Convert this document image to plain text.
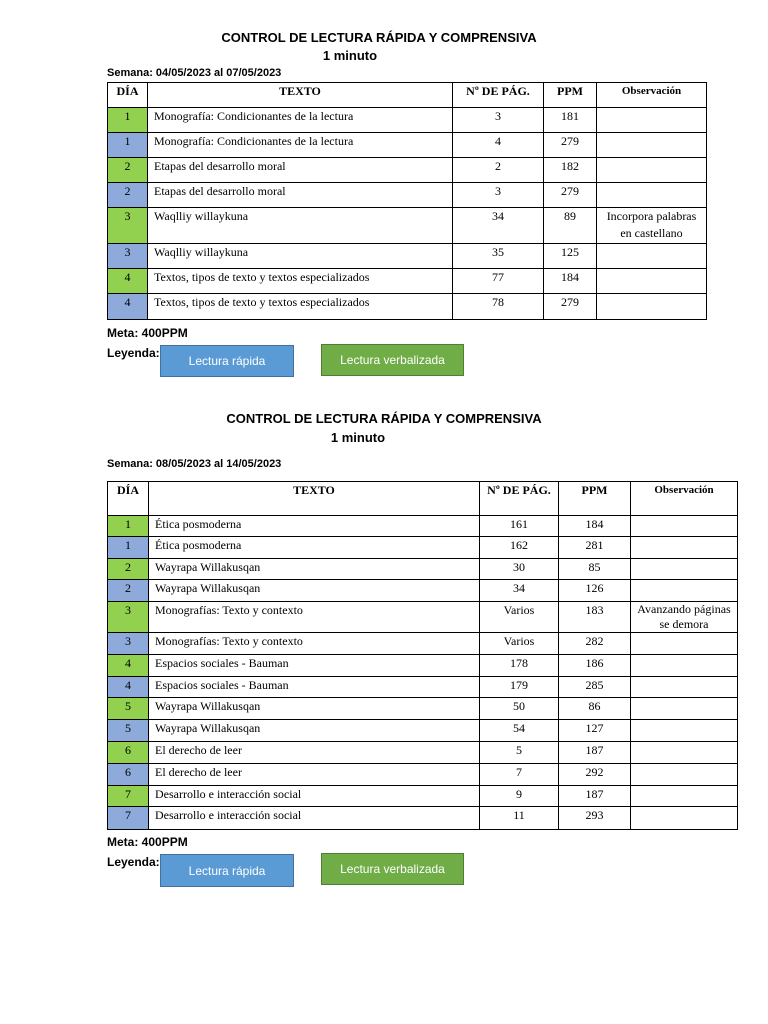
CONTROL DE LECTURA RÁPIDA Y COMPRENSIVA
1 minuto
Semana: 04/05/2023 al 07/05/2023
DÍA	TEXTO	Nº DE PÁG.	PPM	Observación
1	Monografía: Condicionantes de la lectura	3	181	
1	Monografía: Condicionantes de la lectura	4	279	
2	Etapas del desarrollo moral	2	182	
2	Etapas del desarrollo moral	3	279	
3	Waqlliy willaykuna	34	89	Incorpora palabras en castellano
3	Waqlliy willaykuna	35	125	
4	Textos, tipos de texto y textos especializados	77	184	
4	Textos, tipos de texto y textos especializados	78	279	
Meta: 400PPM
Leyenda:
Lectura rápida	Lectura verbalizada
CONTROL DE LECTURA RÁPIDA Y COMPRENSIVA
1 minuto
Semana: 08/05/2023 al 14/05/2023
DÍA	TEXTO	Nº DE PÁG.	PPM	Observación
1	Ética posmoderna	161	184	
1	Ética posmoderna	162	281	
2	Wayrapa Willakusqan	30	85	
2	Wayrapa Willakusqan	34	126	
3	Monografías: Texto y contexto	Varios	183	Avanzando páginas se demora
3	Monografías: Texto y contexto	Varios	282	
4	Espacios sociales - Bauman	178	186	
4	Espacios sociales - Bauman	179	285	
5	Wayrapa Willakusqan	50	86	
5	Wayrapa Willakusqan	54	127	
6	El derecho de leer	5	187	
6	El derecho de leer	7	292	
7	Desarrollo e interacción social	9	187	
7	Desarrollo e interacción social	11	293	
Meta: 400PPM
Leyenda:
Lectura rápida	Lectura verbalizada
